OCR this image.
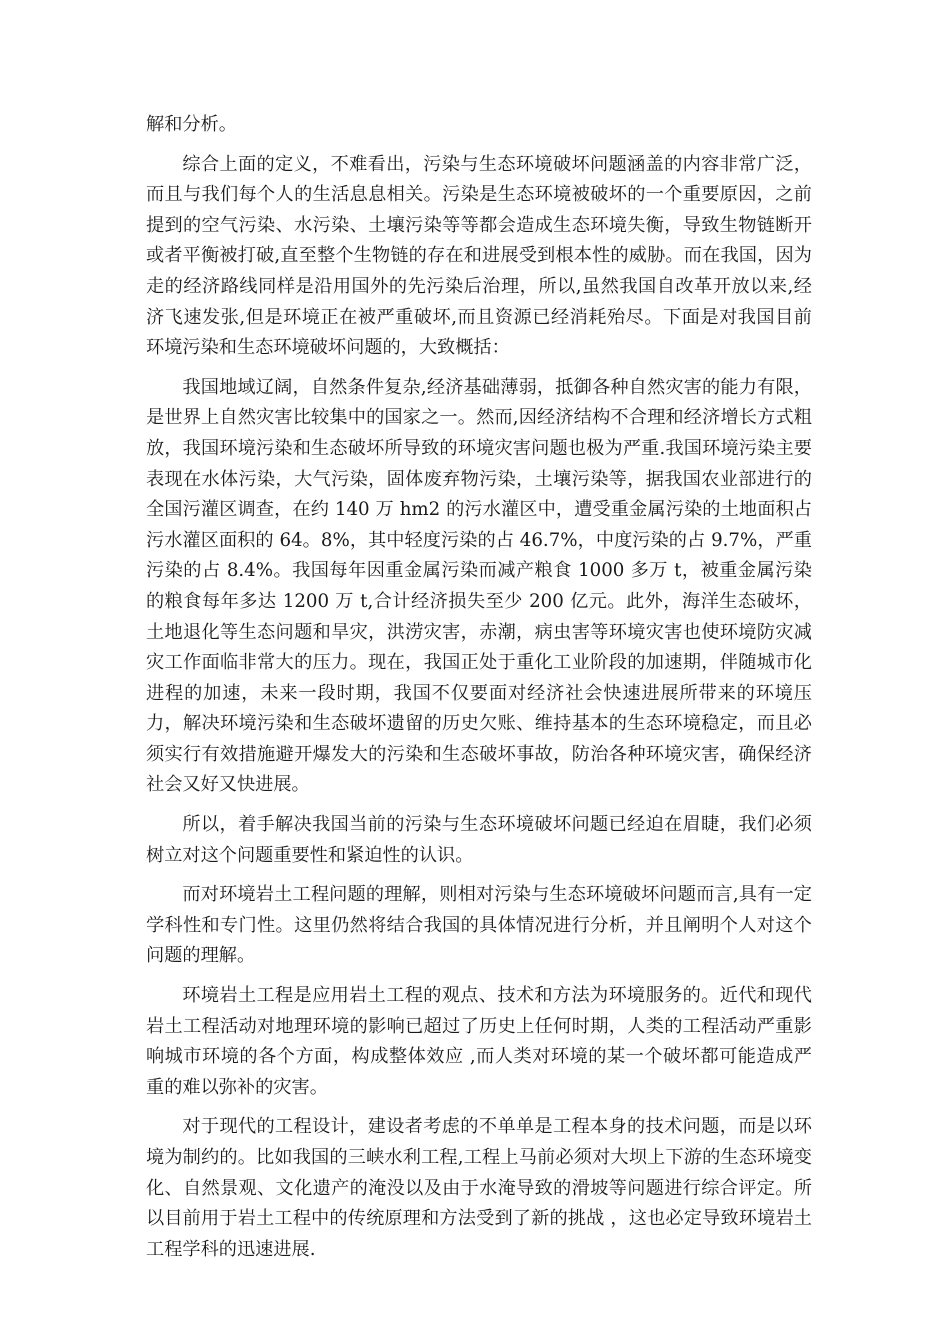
解和分析。

综合上面的定义，不难看出，污染与生态环境破坏问题涵盖的内容非常广泛，而且与我们每个人的生活息息相关。污染是生态环境被破坏的一个重要原因，之前提到的空气污染、水污染、土壤污染等等都会造成生态环境失衡，导致生物链断开或者平衡被打破,直至整个生物链的存在和进展受到根本性的威胁。而在我国，因为走的经济路线同样是沿用国外的先污染后治理，所以,虽然我国自改革开放以来,经济飞速发张,但是环境正在被严重破坏,而且资源已经消耗殆尽。下面是对我国目前环境污染和生态环境破坏问题的，大致概括：

我国地域辽阔，自然条件复杂,经济基础薄弱，抵御各种自然灾害的能力有限，是世界上自然灾害比较集中的国家之一。然而,因经济结构不合理和经济增长方式粗放，我国环境污染和生态破坏所导致的环境灾害问题也极为严重.我国环境污染主要表现在水体污染，大气污染，固体废弃物污染，土壤污染等，据我国农业部进行的全国污灌区调查，在约 140 万 hm2 的污水灌区中，遭受重金属污染的土地面积占污水灌区面积的 64。8%，其中轻度污染的占 46.7%，中度污染的占 9.7%，严重污染的占 8.4%。我国每年因重金属污染而减产粮食 1000 多万 t，被重金属污染的粮食每年多达 1200 万 t,合计经济损失至少 200 亿元。此外，海洋生态破坏，土地退化等生态问题和旱灾，洪涝灾害，赤潮，病虫害等环境灾害也使环境防灾减灾工作面临非常大的压力。现在，我国正处于重化工业阶段的加速期，伴随城市化进程的加速，未来一段时期，我国不仅要面对经济社会快速进展所带来的环境压力，解决环境污染和生态破坏遗留的历史欠账、维持基本的生态环境稳定，而且必须实行有效措施避开爆发大的污染和生态破坏事故，防治各种环境灾害，确保经济社会又好又快进展。

所以，着手解决我国当前的污染与生态环境破坏问题已经迫在眉睫，我们必须树立对这个问题重要性和紧迫性的认识。

而对环境岩土工程问题的理解，则相对污染与生态环境破坏问题而言,具有一定学科性和专门性。这里仍然将结合我国的具体情况进行分析，并且阐明个人对这个问题的理解。

环境岩土工程是应用岩土工程的观点、技术和方法为环境服务的。近代和现代岩土工程活动对地理环境的影响已超过了历史上任何时期，人类的工程活动严重影响城市环境的各个方面，构成整体效应 ,而人类对环境的某一个破坏都可能造成严重的难以弥补的灾害。

对于现代的工程设计，建设者考虑的不单单是工程本身的技术问题，而是以环境为制约的。比如我国的三峡水利工程,工程上马前必须对大坝上下游的生态环境变化、自然景观、文化遗产的淹没以及由于水淹导致的滑坡等问题进行综合评定。所以目前用于岩土工程中的传统原理和方法受到了新的挑战 ，这也必定导致环境岩土工程学科的迅速进展.
